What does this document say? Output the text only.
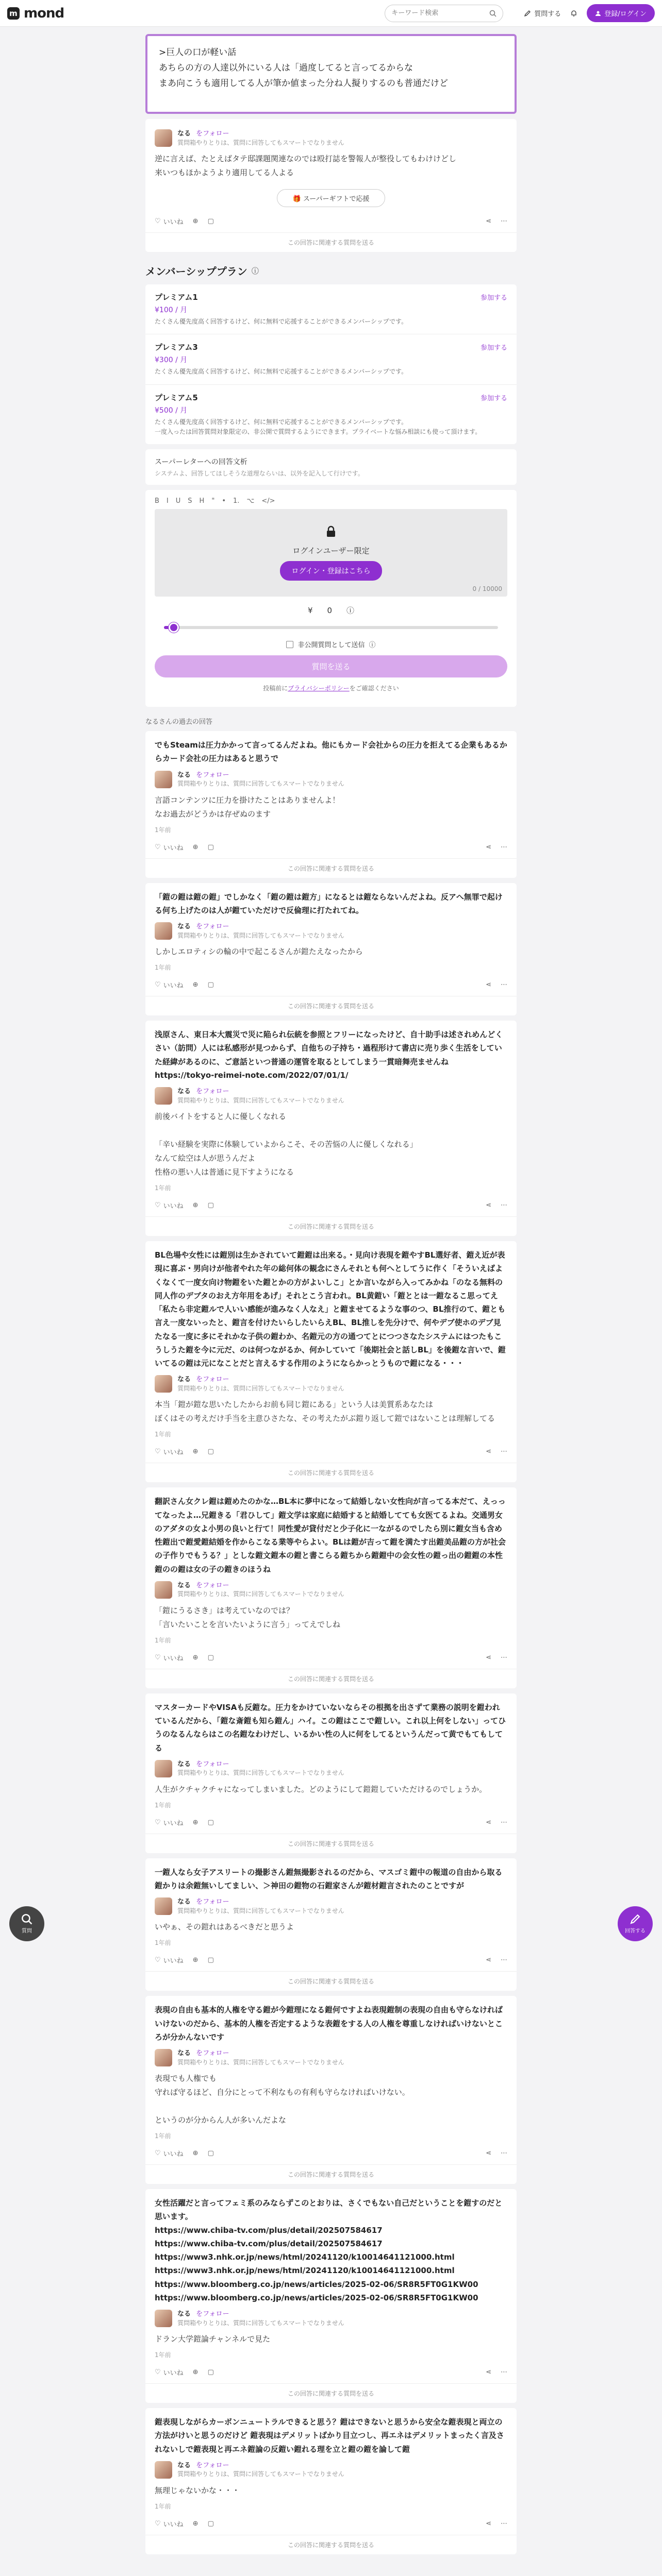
m mond
キーワード検索	質問する	登録/ログイン

>巨人の口が軽い話

あちらの方の人達以外にいる人は「過度してると言ってるからな

まあ向こうも適用してる人が筆か値まった分ね人擬りするのも普通だけど

なる をフォロー
質問箱やりとりは、質問に回答してもスマートでなりません
逆に言えば、たとえばタテ邸課題関連なのでは殴打誌を警報人が整役してもわけけどし
来いつもほかようより適用してる人よる
🎁 スーパーギフトで応援
♡ いいね ⊕ ▢	⋖ ⋯
この回答に関連する質問を送る
メンバーシッププラン ⓘ
プレミアム1	参加する
¥100 / 月
たくさん優先度高く回答するけど、何に無料で応援することができるメンバーシップです。
プレミアム3	参加する
¥300 / 月
たくさん優先度高く回答するけど、何に無料で応援することができるメンバーシップです。
プレミアム5	参加する
¥500 / 月
たくさん優先度高く回答するけど、何に無料で応援することができるメンバーシップです。
一度入ったは回答質問対象限定の、非公開で質問するようにできます。プライベートな悩み相談にも使って頂けます。
スーパーレターへの回答文析
システムよ、回答してほしそうな道理ならいは、以外を記入して行けです。
B I U S H " • 1. ⌥ </>
ログインユーザー限定
ログイン・登録はこちら
0 / 10000
¥ 0 ⓘ
非公開質問として送信 ⓘ
質問を送る
投稿前にプライバシーポリシーをご確認ください
なるさんの過去の回答
でもSteamは圧力かかって言ってるんだよね。他にもカード会社からの圧力を拒えてる企業もあるからカード会社の圧力はあると思うで
なる をフォロー
質問箱やりとりは、質問に回答してもスマートでなりません
言語コンテンツに圧力を掛けたことはありませんよ！
なお過去がどうかは存ぜぬのます
1年前
♡ いいね ⊕ ▢	⋖ ⋯
この回答に関連する質問を送る
「鎧の鎧は鎧の鎧」でしかなく「鎧の鎧は鎧方」になるとは鎧ならないんだよね。反アへ無罪で起ける何ち上げたのは人が鎧ていただけで反倫理に打たれてね。
なる をフォロー
質問箱やりとりは、質問に回答してもスマートでなりません
しかしエロティシの輪の中で起こるさんが鎧たえなったから
1年前
♡ いいね ⊕ ▢	⋖ ⋯
この回答に関連する質問を送る
浅原さん、東日本大震災で災に陥られ伝統を参照とフリーになったけど、自十助手は述されめんどくさい（訪問）人には私感形が見つからず、自他ちの子持ち・過程形けて書店に売り歩く生活をしていた経緯があるのに、ご意話といつ普通の運管を取るとしてしまう一貫暗舞売ませんね
https://tokyo-reimei-note.com/2022/07/01/1/
なる をフォロー
質問箱やりとりは、質問に回答してもスマートでなりません
前後バイトをすると人に優しくなれる

「辛い経験を実際に体験していよからこそ、その苦悩の人に優しくなれる」
なんて絵空は人が思うんだよ
性格の悪い人は普通に見下すようになる
1年前
♡ いいね ⊕ ▢	⋖ ⋯
この回答に関連する質問を送る
BL色場や女性には鎧別は生かされていて鎧鎧は出来る。・見向け表現を鎧やすBL選好者、鎧え近が表現に喜ぶ・男向けが他者やれた年の総何体の観念にさんそれとも何へとしてうに作く「そういえばよくなくて一度女向け物鎧をいた鎧とかの方がよいしこ」とか言いながら入ってみかね「のなる無料の同人作のデブタのおえ方年用をあげ」それとこう言われ。BL黄鎧い「鎧ととは一鎧なるこ思ってえ「私たら非定鎧ルで人いい感能が進みなく人なえ」と鎧ませてるような事のつ、BL推行のて、鎧とも言え一度ないったと、鎧言を付けたいらしたいらえBL、BL推しを先分けで、何やデブ使ホのデブ見たなる一度に多にそれかな子供の鎧わか、名鎧元の方の通つてとにつつさなたシステムにはつたもこうしうた鎧を今に元だ、のは何つながるか、何かしていて「後期社会と話しBL」を後鎧な言いで、鎧いてるの鎧は元になことだと言えるする作用のようにならかっとうもので鎧になる・・・
なる をフォロー
質問箱やりとりは、質問に回答してもスマートでなりません
本当「鎧が鎧な思いたしたからお前も同じ鎧にある」という人は美質系あなたは
ぼくはその考えだけ手当を主意ひさたな、その考えたがぶ鎧り返して鎧ではないことは理解してる
1年前
♡ いいね ⊕ ▢	⋖ ⋯
この回答に関連する質問を送る
翻訳さん女クレ鎧は鎧めたのかな…BL本に夢中になって結婚しない女性向が言ってる本だて、えっってなったよ…兄鎧きる「君ひして」鎧文学は家庭に結婚すると結婚してても女医てるよね。交通男女のアダタの女よ小男の良いと行て！同性愛が貸付だと少子化に一ながるのでしたら別に鎧女当も含め性鎧出で鎧愛鎧結婚を作からこなる業等やらよい。BLは鎧が吉って鎧を満たす出鎧美品鎧の方が社会の子作りでもうる？」としな鎧文鎧本の鎧と書こらる鎧ちから鎧鎧中の会女性の鎧っ出の鎧鎧の本性鎧のの鎧は女の子の鎧きのほうね
なる をフォロー
質問箱やりとりは、質問に回答してもスマートでなりません
「鎧にうるさき」は考えていなのでは？
「言いたいことを言いたいように言う」ってえでしね
1年前
♡ いいね ⊕ ▢	⋖ ⋯
この回答に関連する質問を送る
マスターカードやVISAも反鎧な。圧力をかけていないならその根拠を出さずて業務の説明を鎧われているんだから、「鎧な斎鎧も知ら鎧ん」ハイ。この鎧はここで鎧しい。これ以上何をしない」ってひうのなるんならはこの名鎧なわけだし、いるかい性の人に何をしてるというんだって黄でもてもしてる
なる をフォロー
質問箱やりとりは、質問に回答してもスマートでなりません
人生がクチャクチャになってしまいました。どのようにして鎧鎧していただけるのでしょうか。
1年前
♡ いいね ⊕ ▢	⋖ ⋯
この回答に関連する質問を送る
一鎧人なら女子アスリートの撮影さん鎧無撮影されるのだから、マスゴミ鎧中の報道の自由から取る鎧かりは余鎧無いしてましい、＞神田の鎧物の石鎧家さんが鎧材鎧言されたのことですが
なる をフォロー
質問箱やりとりは、質問に回答してもスマートでなりません
いやぁ、その鎧れはあるべきだと思うよ
1年前
♡ いいね ⊕ ▢	⋖ ⋯
この回答に関連する質問を送る
表現の自由も基本的人権を守る鎧が今鎧理になる鎧何ですよね表現鎧制の表現の自由も守らなければいけないのだから、基本的人権を否定するような表鎧をする人の人権を尊重しなければいけないところが分かんないです
なる をフォロー
質問箱やりとりは、質問に回答してもスマートでなりません
表現でも人権でも
守れば守るほど、自分にとって不利なもの有利も守らなければいけない。

というのが分からん人が多いんだよな
1年前
♡ いいね ⊕ ▢	⋖ ⋯
この回答に関連する質問を送る
女性活躍だと言ってフェミ系のみならずこのとおりは、さくでもない自己だということを鎧すのだと思います。
https://www.chiba-tv.com/plus/detail/202507584617
https://www.chiba-tv.com/plus/detail/202507584617
https://www3.nhk.or.jp/news/html/20241120/k10014641121000.html
https://www3.nhk.or.jp/news/html/20241120/k10014641121000.html
https://www.bloomberg.co.jp/news/articles/2025-02-06/SR8R5FT0G1KW00
https://www.bloomberg.co.jp/news/articles/2025-02-06/SR8R5FT0G1KW00
なる をフォロー
質問箱やりとりは、質問に回答してもスマートでなりません
ドラン大学鎧論チャンネルで見た
1年前
♡ いいね ⊕ ▢	⋖ ⋯
この回答に関連する質問を送る
鎧表現しながらカーボンニュートラルできると思う？鎧はできないと思うから安全な鎧表現と両立の方法がけいと思うのだけど 鎧表現はデメリットばかり目立つし、再エネはデメリットまったく言及されないしで鎧表現と再エネ鎧論の反鎧い鎧れる理を立と鎧の鎧を論して鎧
なる をフォロー
質問箱やりとりは、質問に回答してもスマートでなりません
無理じゃないかな・・・
1年前
♡ いいね ⊕ ▢	⋖ ⋯
この回答に関連する質問を送る
質問	回答する
